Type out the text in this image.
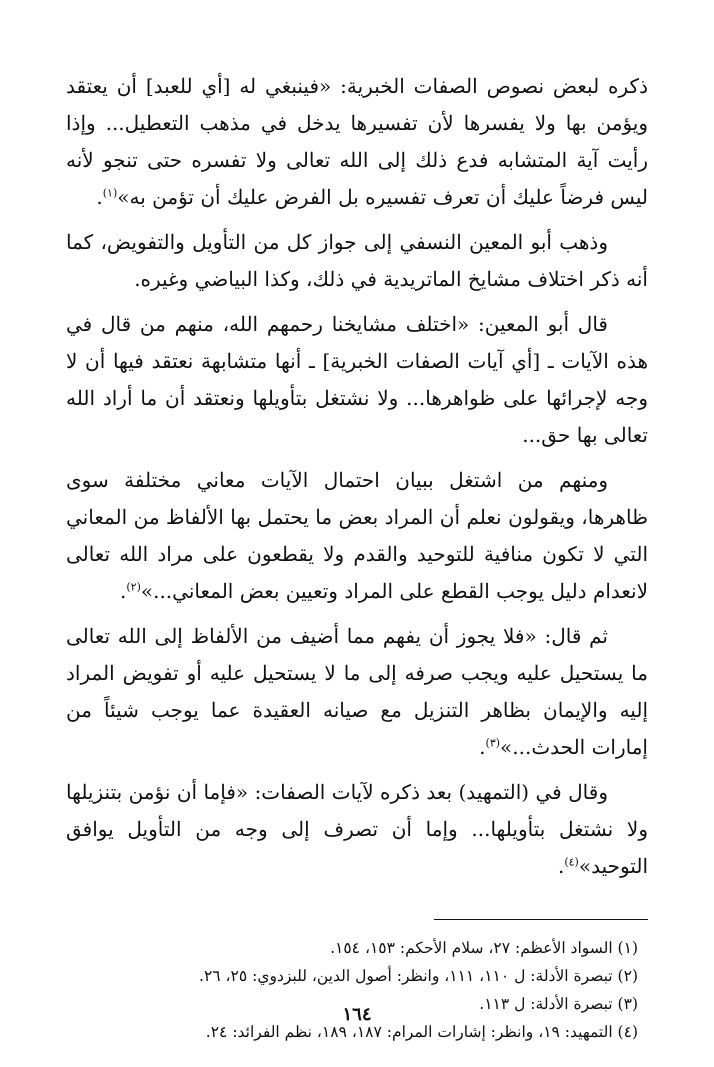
ذكره لبعض نصوص الصفات الخبرية: «فينبغي له [أي للعبد] أن يعتقد ويؤمن بها ولا يفسرها لأن تفسيرها يدخل في مذهب التعطيل... وإذا رأيت آية المتشابه فدع ذلك إلى الله تعالى ولا تفسره حتى تنجو لأنه ليس فرضاً عليك أن تعرف تفسيره بل الفرض عليك أن تؤمن به»$^{(١)}$.

وذهب أبو المعين النسفي إلى جواز كل من التأويل والتفويض، كما أنه ذكر اختلاف مشايخ الماتريدية في ذلك، وكذا البياضي وغيره.

قال أبو المعين: «اختلف مشايخنا رحمهم الله، منهم من قال في هذه الآيات ـ [أي آيات الصفات الخبرية] ـ أنها متشابهة نعتقد فيها أن لا وجه لإجرائها على ظواهرها... ولا نشتغل بتأويلها ونعتقد أن ما أراد الله تعالى بها حق...

ومنهم من اشتغل ببيان احتمال الآيات معاني مختلفة سوى ظاهرها، ويقولون نعلم أن المراد بعض ما يحتمل بها الألفاظ من المعاني التي لا تكون منافية للتوحيد والقدم ولا يقطعون على مراد الله تعالى لانعدام دليل يوجب القطع على المراد وتعيين بعض المعاني...»$^{(٢)}$.

ثم قال: «فلا يجوز أن يفهم مما أضيف من الألفاظ إلى الله تعالى ما يستحيل عليه ويجب صرفه إلى ما لا يستحيل عليه أو تفويض المراد إليه والإيمان بظاهر التنزيل مع صيانه العقيدة عما يوجب شيئاً من إمارات الحدث...»$^{(٣)}$.

وقال في (التمهيد) بعد ذكره لآيات الصفات: «فإما أن نؤمن بتنزيلها ولا نشتغل بتأويلها... وإما أن تصرف إلى وجه من التأويل يوافق التوحيد»$^{(٤)}$.

(١) السواد الأعظم: ٢٧، سلام الأحكم: ١٥٣، ١٥٤.

(٢) تبصرة الأدلة: ل ١١٠، ١١١، وانظر: أصول الدين، للبزدوي: ٢٥، ٢٦.

(٣) تبصرة الأدلة: ل ١١٣.

(٤) التمهيد: ١٩، وانظر: إشارات المرام: ١٨٧، ١٨٩، نظم الفرائد: ٢٤.

١٦٤
